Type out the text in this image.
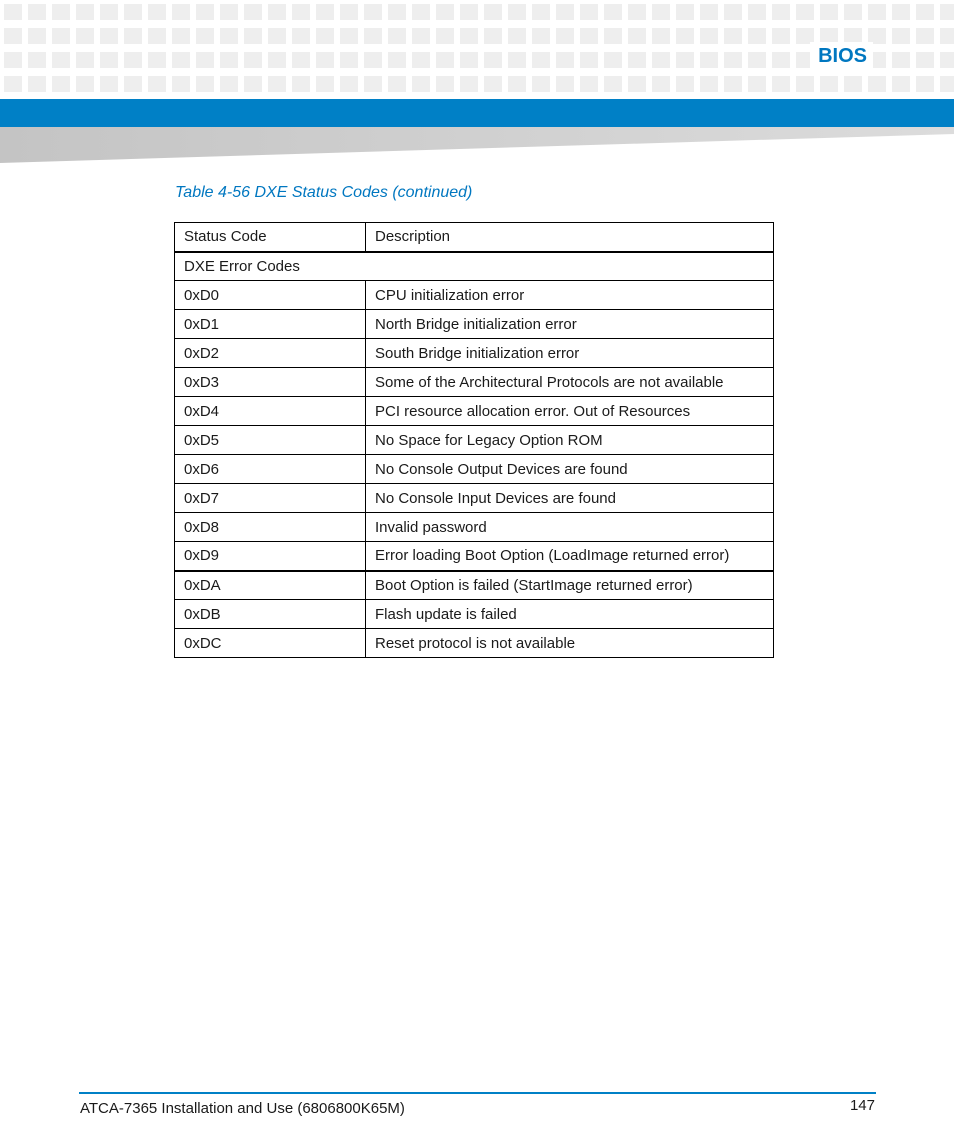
BIOS
Table 4-56 DXE Status Codes (continued)
Status Code	Description
DXE Error Codes	
0xD0	CPU initialization error
0xD1	North Bridge initialization error
0xD2	South Bridge initialization error
0xD3	Some of the Architectural Protocols are not available
0xD4	PCI resource allocation error. Out of Resources
0xD5	No Space for Legacy Option ROM
0xD6	No Console Output Devices are found
0xD7	No Console Input Devices are found
0xD8	Invalid password
0xD9	Error loading Boot Option (LoadImage returned error)
0xDA	Boot Option is failed (StartImage returned error)
0xDB	Flash update is failed
0xDC	Reset protocol is not available
ATCA-7365 Installation and Use (6806800K65M)	147
